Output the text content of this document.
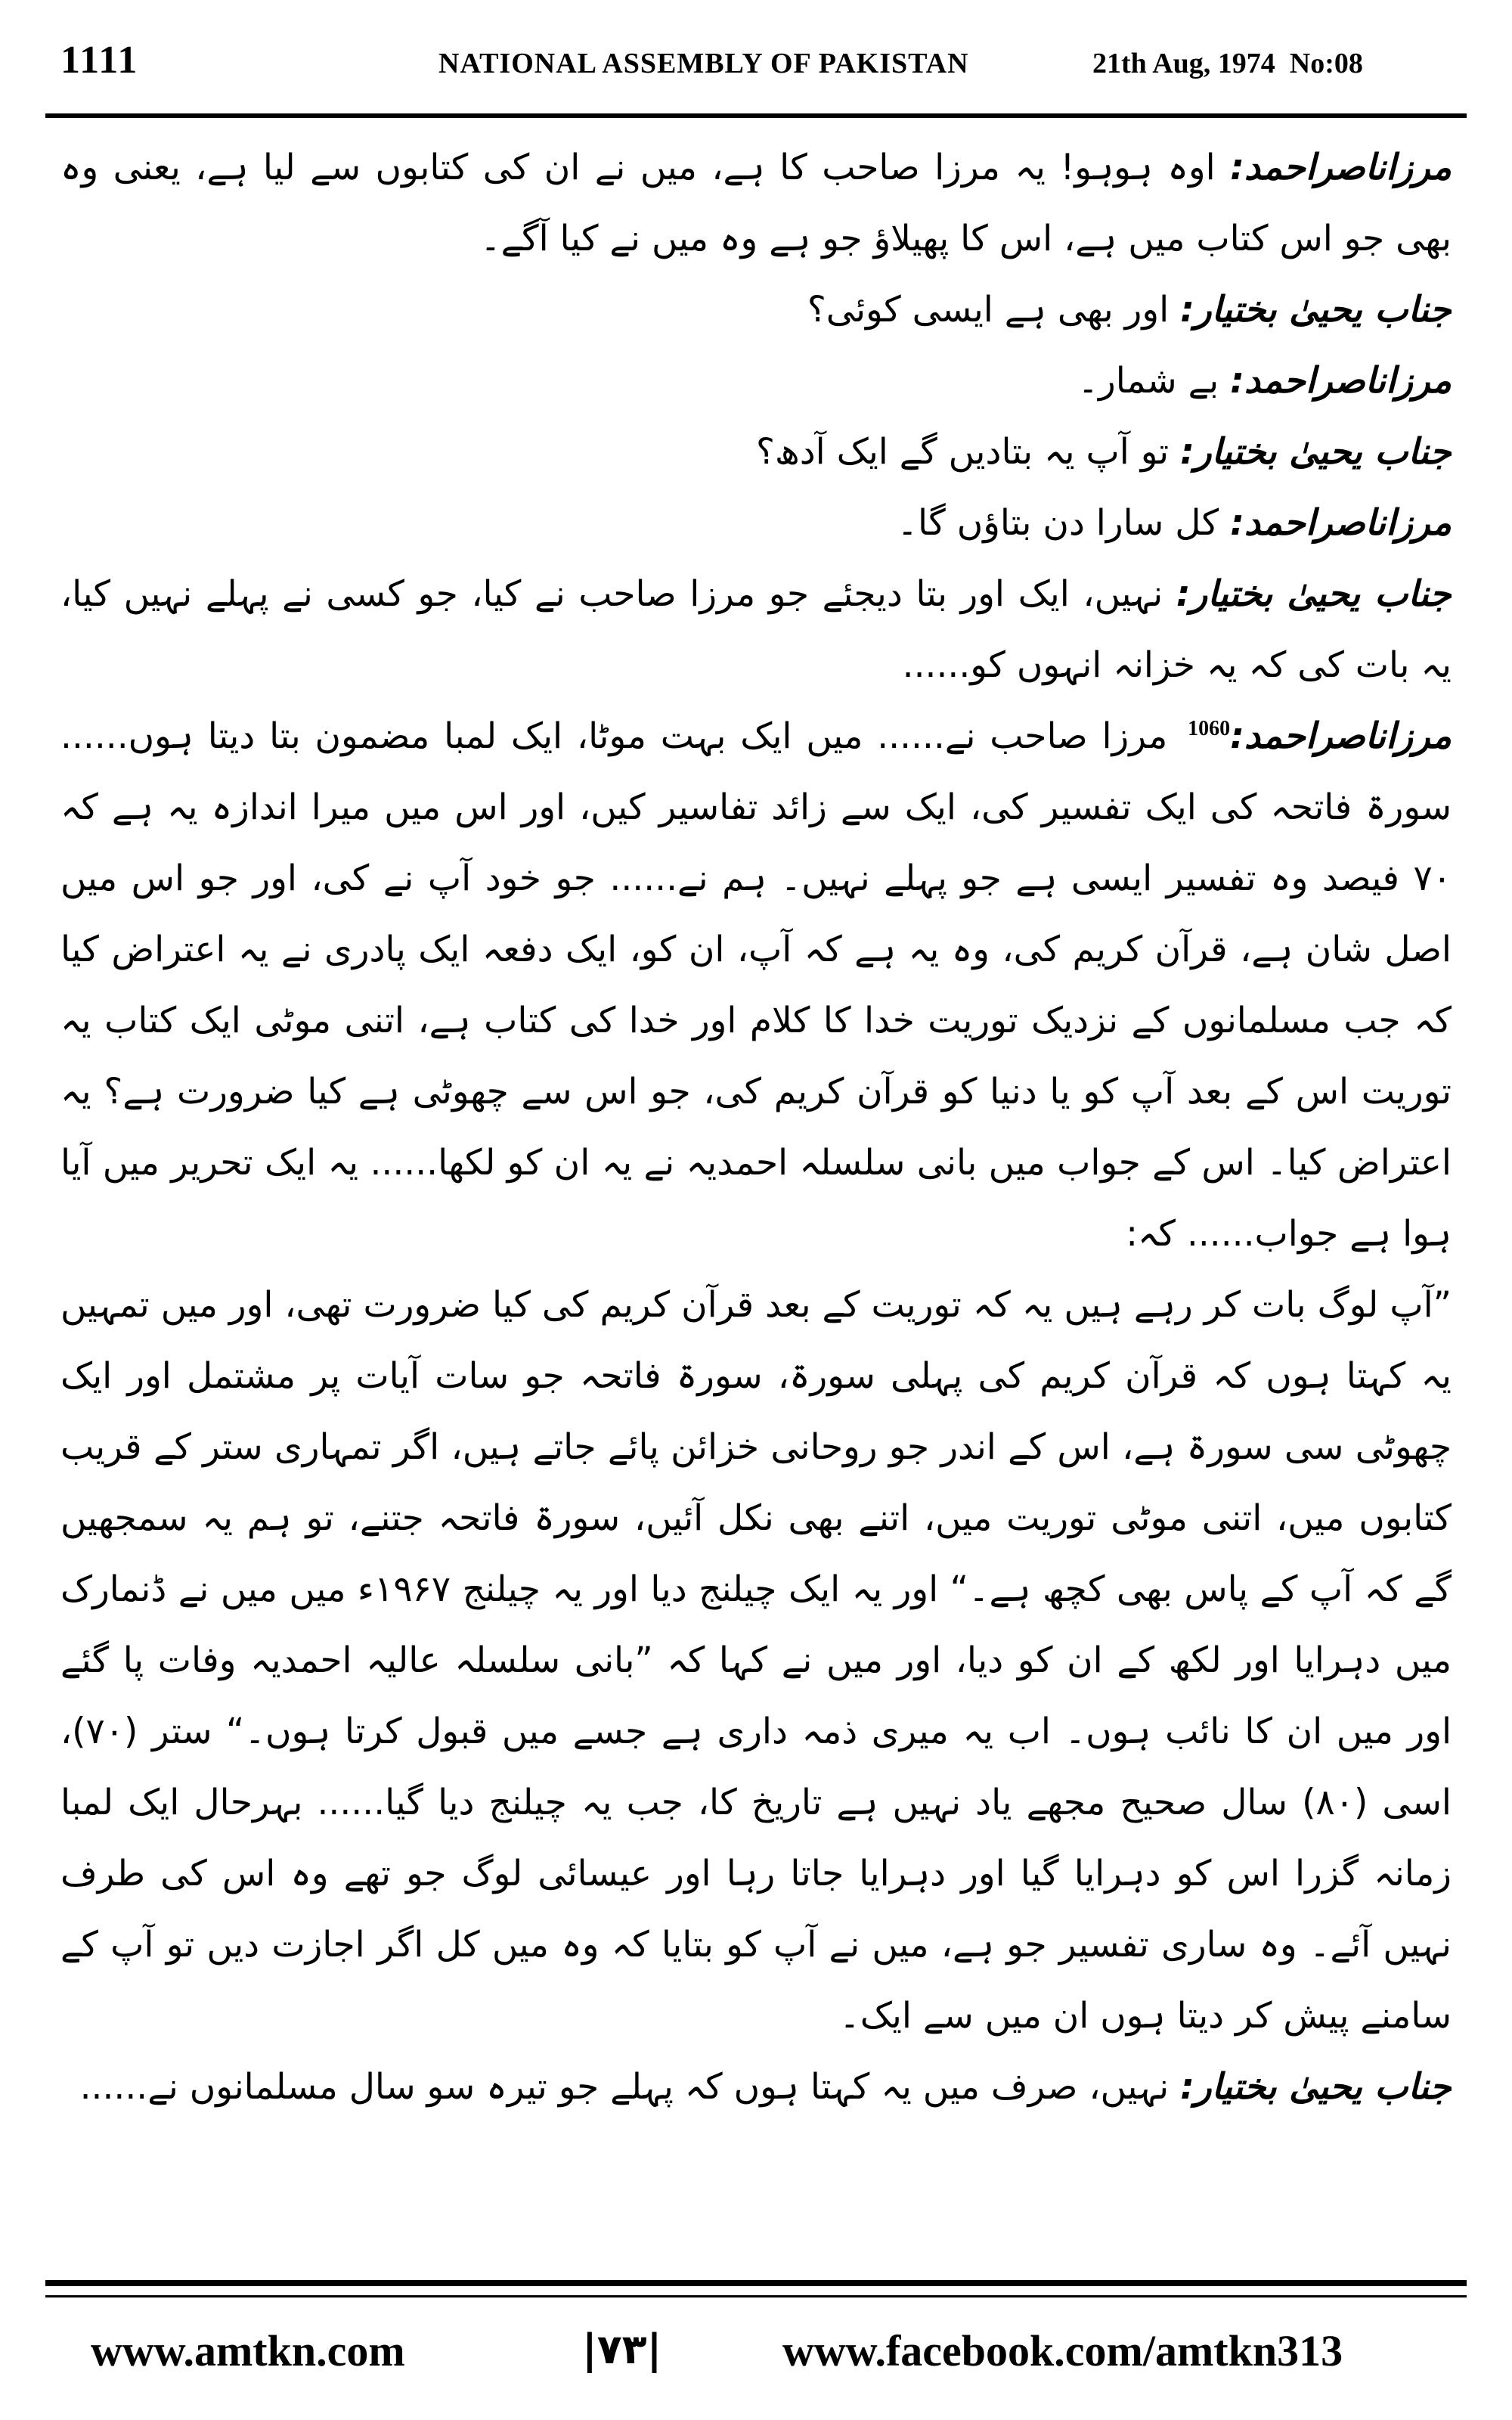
1111	NATIONAL ASSEMBLY OF PAKISTAN	21th Aug, 1974 No:08

مرزاناصراحمد: اوہ ہوہو! یہ مرزا صاحب کا ہے، میں نے ان کی کتابوں سے لیا ہے، یعنی وہ بھی جو اس کتاب میں ہے، اس کا پھیلاؤ جو ہے وہ میں نے کیا آگے۔

جناب یحییٰ بختیار: اور بھی ہے ایسی کوئی؟

مرزاناصراحمد: بے شمار۔

جناب یحییٰ بختیار: تو آپ یہ بتادیں گے ایک آدھ؟

مرزاناصراحمد: کل سارا دن بتاؤں گا۔

جناب یحییٰ بختیار: نہیں، ایک اور بتا دیجئے جو مرزا صاحب نے کیا، جو کسی نے پہلے نہیں کیا، یہ بات کی کہ یہ خزانہ انہوں کو......

مرزاناصراحمد:$^{1060}$ مرزا صاحب نے...... میں ایک بہت موٹا، ایک لمبا مضمون بتا دیتا ہوں...... سورۃ فاتحہ کی ایک تفسیر کی، ایک سے زائد تفاسیر کیں، اور اس میں میرا اندازہ یہ ہے کہ ۷۰ فیصد وہ تفسیر ایسی ہے جو پہلے نہیں۔ ہم نے...... جو خود آپ نے کی، اور جو اس میں اصل شان ہے، قرآن کریم کی، وہ یہ ہے کہ آپ، ان کو، ایک دفعہ ایک پادری نے یہ اعتراض کیا کہ جب مسلمانوں کے نزدیک توریت خدا کا کلام اور خدا کی کتاب ہے، اتنی موٹی ایک کتاب یہ توریت اس کے بعد آپ کو یا دنیا کو قرآن کریم کی، جو اس سے چھوٹی ہے کیا ضرورت ہے؟ یہ اعتراض کیا۔ اس کے جواب میں بانی سلسلہ احمدیہ نے یہ ان کو لکھا...... یہ ایک تحریر میں آیا ہوا ہے جواب...... کہ:

”آپ لوگ بات کر رہے ہیں یہ کہ توریت کے بعد قرآن کریم کی کیا ضرورت تھی، اور میں تمہیں یہ کہتا ہوں کہ قرآن کریم کی پہلی سورۃ، سورۃ فاتحہ جو سات آیات پر مشتمل اور ایک چھوٹی سی سورۃ ہے، اس کے اندر جو روحانی خزائن پائے جاتے ہیں، اگر تمہاری ستر کے قریب کتابوں میں، اتنی موٹی توریت میں، اتنے بھی نکل آئیں، سورۃ فاتحہ جتنے، تو ہم یہ سمجھیں گے کہ آپ کے پاس بھی کچھ ہے۔“ اور یہ ایک چیلنج دیا اور یہ چیلنج ۱۹۶۷ء میں میں نے ڈنمارک میں دہرایا اور لکھ کے ان کو دیا، اور میں نے کہا کہ ”بانی سلسلہ عالیہ احمدیہ وفات پا گئے اور میں ان کا نائب ہوں۔ اب یہ میری ذمہ داری ہے جسے میں قبول کرتا ہوں۔“ ستر (۷۰)، اسی (۸۰) سال صحیح مجھے یاد نہیں ہے تاریخ کا، جب یہ چیلنج دیا گیا...... بہرحال ایک لمبا زمانہ گزرا اس کو دہرایا گیا اور دہرایا جاتا رہا اور عیسائی لوگ جو تھے وہ اس کی طرف نہیں آئے۔ وہ ساری تفسیر جو ہے، میں نے آپ کو بتایا کہ وہ میں کل اگر اجازت دیں تو آپ کے سامنے پیش کر دیتا ہوں ان میں سے ایک۔

جناب یحییٰ بختیار: نہیں، صرف میں یہ کہتا ہوں کہ پہلے جو تیرہ سو سال مسلمانوں نے......

www.amtkn.com	|۷۳|	www.facebook.com/amtkn313
